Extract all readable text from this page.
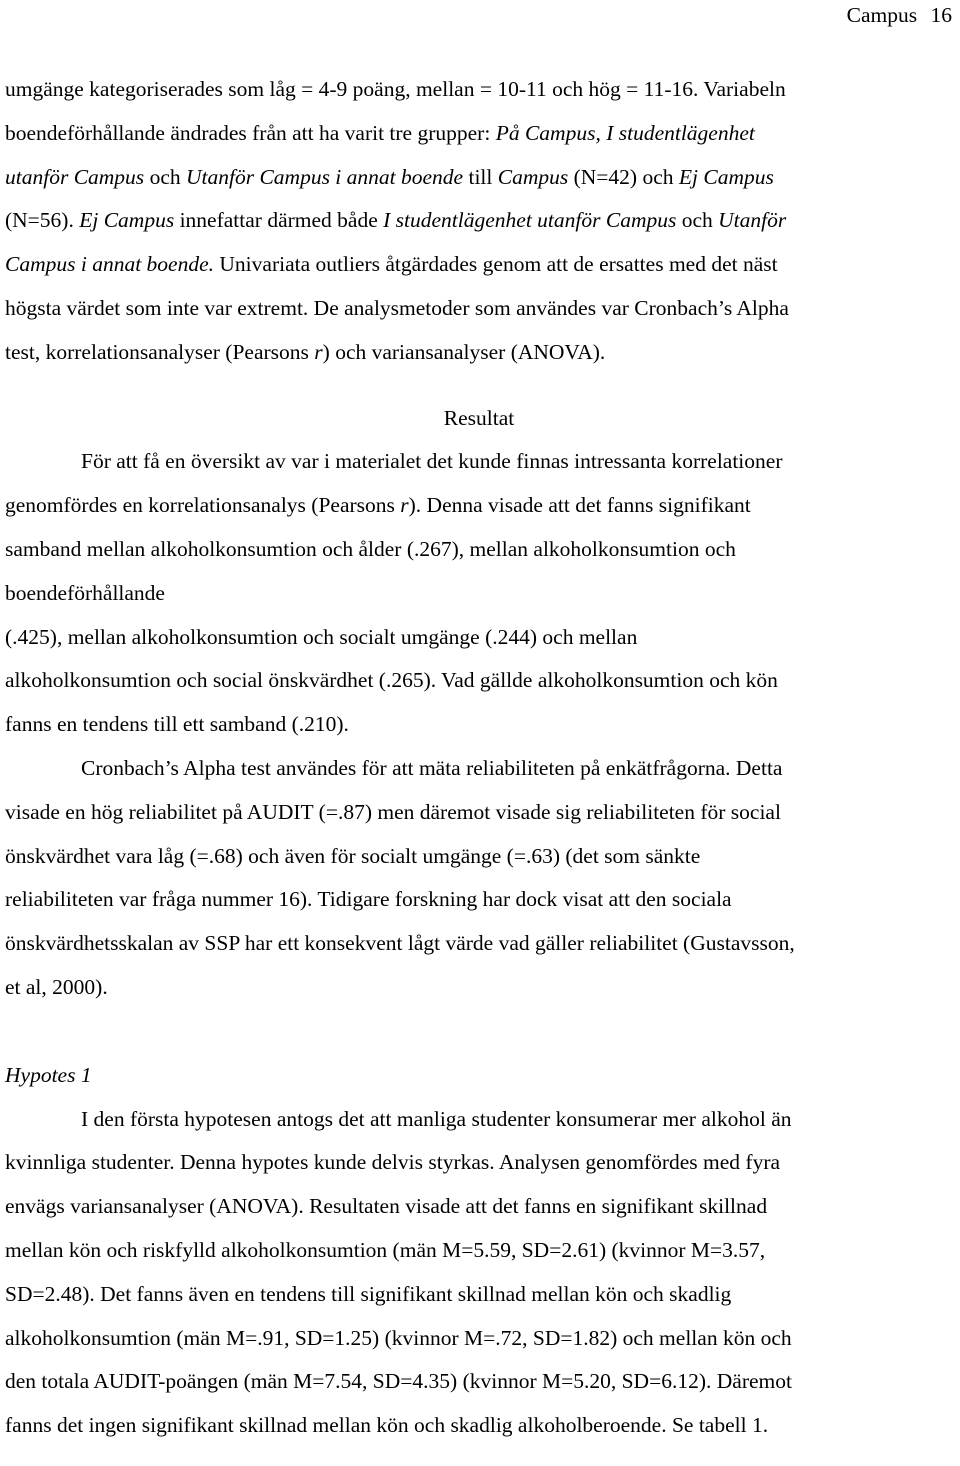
Campus 16

umgänge kategoriserades som låg = 4-9 poäng, mellan = 10-11 och hög = 11-16. Variabeln
boendeförhållande ändrades från att ha varit tre grupper: På Campus, I studentlägenhet
utanför Campus och Utanför Campus i annat boende till Campus (N=42) och Ej Campus
(N=56). Ej Campus innefattar därmed både I studentlägenhet utanför Campus och Utanför
Campus i annat boende. Univariata outliers åtgärdades genom att de ersattes med det näst
högsta värdet som inte var extremt. De analysmetoder som användes var Cronbach’s Alpha
test, korrelationsanalyser (Pearsons r) och variansanalyser (ANOVA).

Resultat

För att få en översikt av var i materialet det kunde finnas intressanta korrelationer
genomfördes en korrelationsanalys (Pearsons r). Denna visade att det fanns signifikant
samband mellan alkoholkonsumtion och ålder (.267), mellan alkoholkonsumtion och
boendeförhållande
(.425), mellan alkoholkonsumtion och socialt umgänge (.244) och mellan
alkoholkonsumtion och social önskvärdhet (.265). Vad gällde alkoholkonsumtion och kön
fanns en tendens till ett samband (.210).

Cronbach’s Alpha test användes för att mäta reliabiliteten på enkätfrågorna. Detta
visade en hög reliabilitet på AUDIT (=.87) men däremot visade sig reliabiliteten för social
önskvärdhet vara låg (=.68) och även för socialt umgänge (=.63) (det som sänkte
reliabiliteten var fråga nummer 16). Tidigare forskning har dock visat att den sociala
önskvärdhetsskalan av SSP har ett konsekvent lågt värde vad gäller reliabilitet (Gustavsson,
et al, 2000).

Hypotes 1

I den första hypotesen antogs det att manliga studenter konsumerar mer alkohol än
kvinnliga studenter. Denna hypotes kunde delvis styrkas. Analysen genomfördes med fyra
envägs variansanalyser (ANOVA). Resultaten visade att det fanns en signifikant skillnad
mellan kön och riskfylld alkoholkonsumtion (män M=5.59, SD=2.61) (kvinnor M=3.57,
SD=2.48). Det fanns även en tendens till signifikant skillnad mellan kön och skadlig
alkoholkonsumtion (män M=.91, SD=1.25) (kvinnor M=.72, SD=1.82) och mellan kön och
den totala AUDIT-poängen (män M=7.54, SD=4.35) (kvinnor M=5.20, SD=6.12). Däremot
fanns det ingen signifikant skillnad mellan kön och skadlig alkoholberoende. Se tabell 1.
